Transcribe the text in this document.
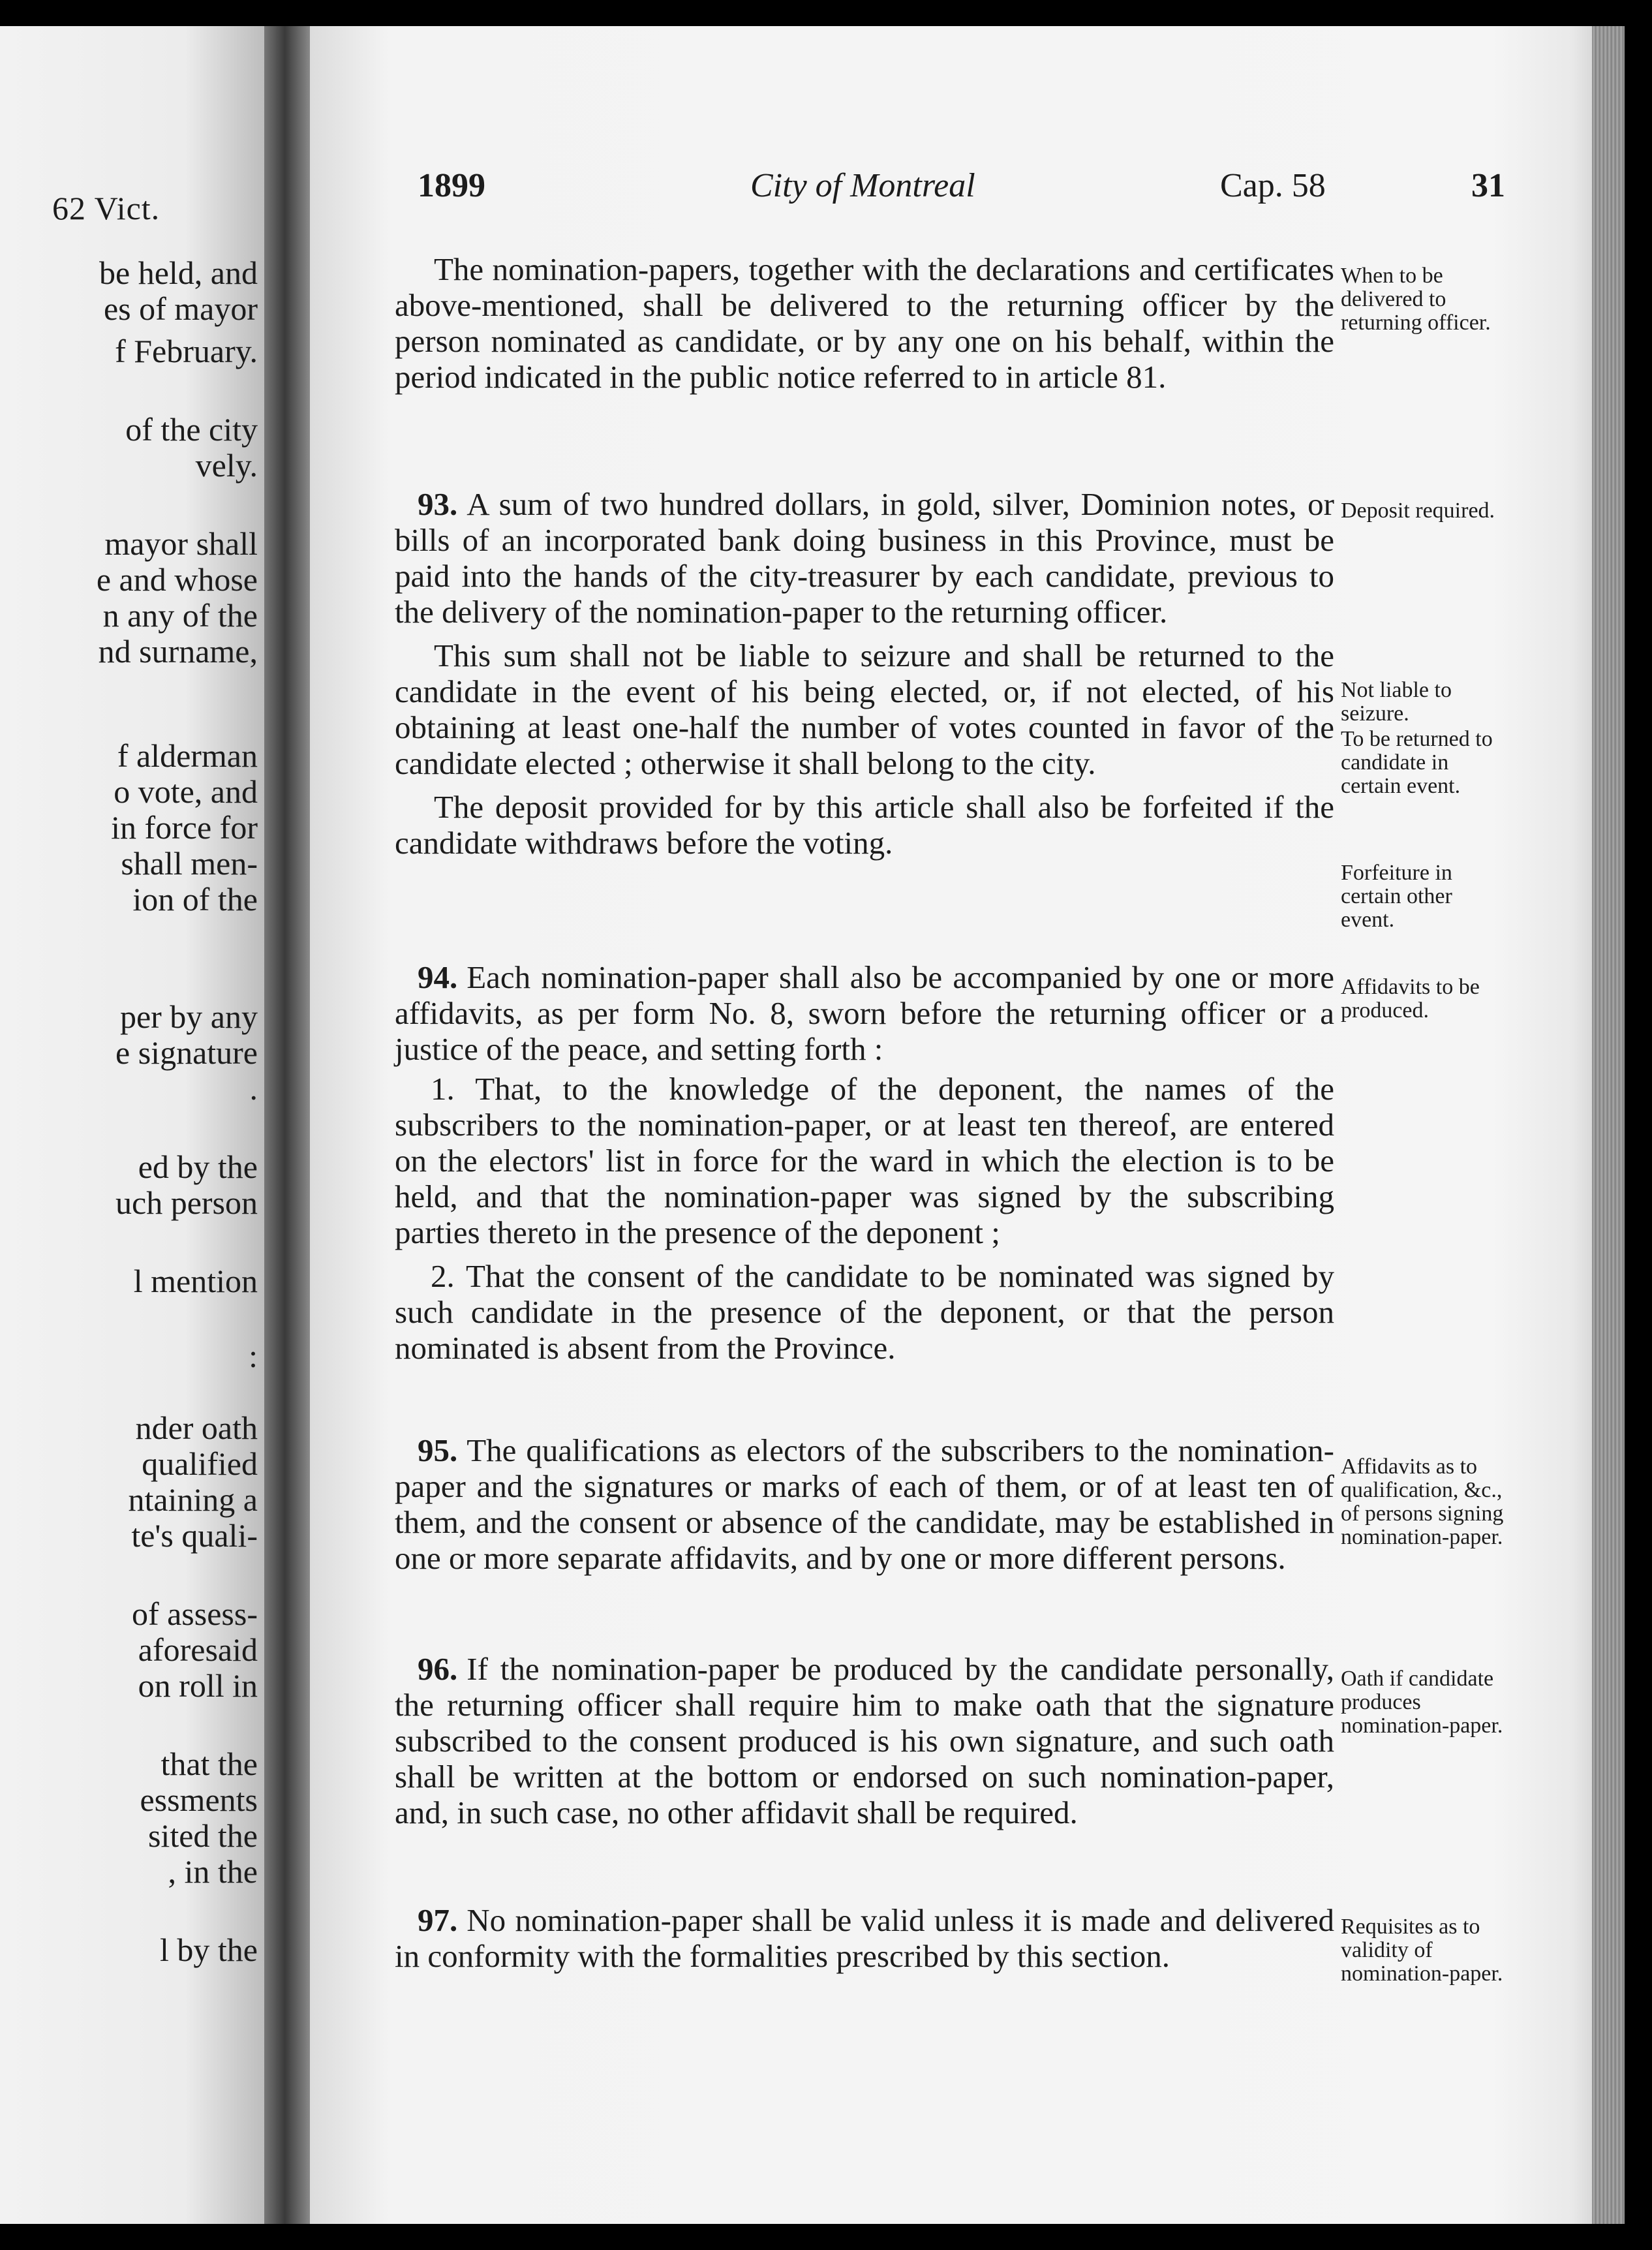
62 Vict.
be held, and
es of mayor
f February.
of the city
vely.
mayor shall
e and whose
n any of the
nd surname,
f alderman
o vote, and
in force for
shall men-
ion of the
per by any
e signature
.
ed by the
uch person
l mention
:
nder oath
qualified
ntaining a
te's quali-
of assess-
aforesaid
on roll in
that the
essments
sited the
, in the
l by the
1899	City of Montreal	Cap. 58	31

The nomination-papers, together with the declarations and certificates above-mentioned, shall be delivered to the returning officer by the person nominated as candidate, or by any one on his behalf, within the period indicated in the public notice referred to in article 81.

93. A sum of two hundred dollars, in gold, silver, Dominion notes, or bills of an incorporated bank doing business in this Province, must be paid into the hands of the city-treasurer by each candidate, previous to the delivery of the nomination-paper to the returning officer.

This sum shall not be liable to seizure and shall be returned to the candidate in the event of his being elected, or, if not elected, of his obtaining at least one-half the number of votes counted in favor of the candidate elected ; otherwise it shall belong to the city.

The deposit provided for by this article shall also be forfeited if the candidate withdraws before the voting.

94. Each nomination-paper shall also be accompanied by one or more affidavits, as per form No. 8, sworn before the returning officer or a justice of the peace, and setting forth :

1. That, to the knowledge of the deponent, the names of the subscribers to the nomination-paper, or at least ten thereof, are entered on the electors' list in force for the ward in which the election is to be held, and that the nomination-paper was signed by the subscribing parties thereto in the presence of the deponent ;

2. That the consent of the candidate to be nominated was signed by such candidate in the presence of the deponent, or that the person nominated is absent from the Province.

95. The qualifications as electors of the subscribers to the nomination-paper and the signatures or marks of each of them, or of at least ten of them, and the consent or absence of the candidate, may be established in one or more separate affidavits, and by one or more different persons.

96. If the nomination-paper be produced by the candidate personally, the returning officer shall require him to make oath that the signature subscribed to the consent produced is his own signature, and such oath shall be written at the bottom or endorsed on such nomination-paper, and, in such case, no other affidavit shall be required.

97. No nomination-paper shall be valid unless it is made and delivered in conformity with the formalities prescribed by this section.

When to be delivered to returning officer.
Deposit required.
Not liable to seizure.
To be returned to candidate in certain event.
Forfeiture in certain other event.
Affidavits to be produced.
Affidavits as to qualification, &c., of persons signing nomination-paper.
Oath if candidate produces nomination-paper.
Requisites as to validity of nomination-paper.
